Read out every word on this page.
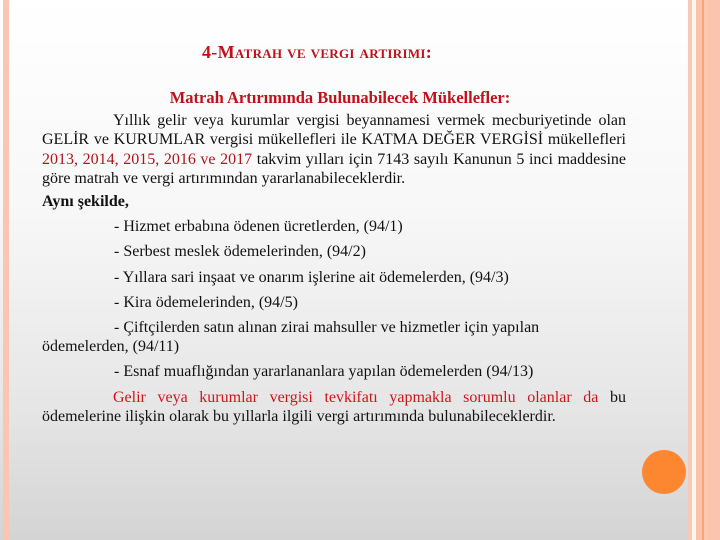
4-Matrah ve vergi artırımı:
Matrah Artırımında Bulunabilecek Mükellefler:
Yıllık gelir veya kurumlar vergisi beyannamesi vermek mecburiyetinde olan GELİR ve KURUMLAR vergisi mükellefleri ile KATMA DEĞER VERGİSİ mükellefleri 2013, 2014, 2015, 2016 ve 2017 takvim yılları için 7143 sayılı Kanunun 5 inci maddesine göre matrah ve vergi artırımından yararlanabileceklerdir.
Aynı şekilde,
- Hizmet erbabına ödenen ücretlerden, (94/1)
- Serbest meslek ödemelerinden, (94/2)
- Yıllara sari inşaat ve onarım işlerine ait ödemelerden, (94/3)
- Kira ödemelerinden, (94/5)
- Çiftçilerden satın alınan zirai mahsuller ve hizmetler için yapılan ödemelerden, (94/11)
- Esnaf muaflığından yararlananlara yapılan ödemelerden (94/13)
Gelir veya kurumlar vergisi tevkifatı yapmakla sorumlu olanlar da bu ödemelerine ilişkin olarak bu yıllarla ilgili vergi artırımında bulunabileceklerdir.
